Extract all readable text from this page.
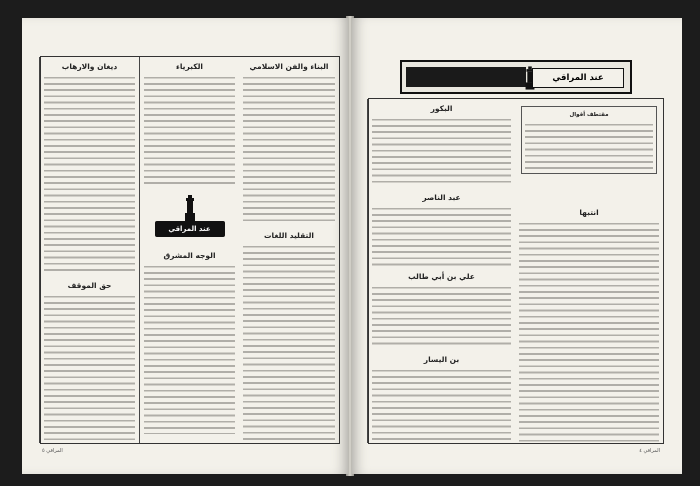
البناء والفن الاسلامي
التقليد اللغات
الكبرياء
عند المراقي
الوجه المشرق
ديغان والارهاب
حق الموقف
المراقي ٥
عند المراقي
مقتطف أقوال
انتبها
البكور
عبد الناصر
علي بن أبي طالب
بن اليسار
المراقي ٤
